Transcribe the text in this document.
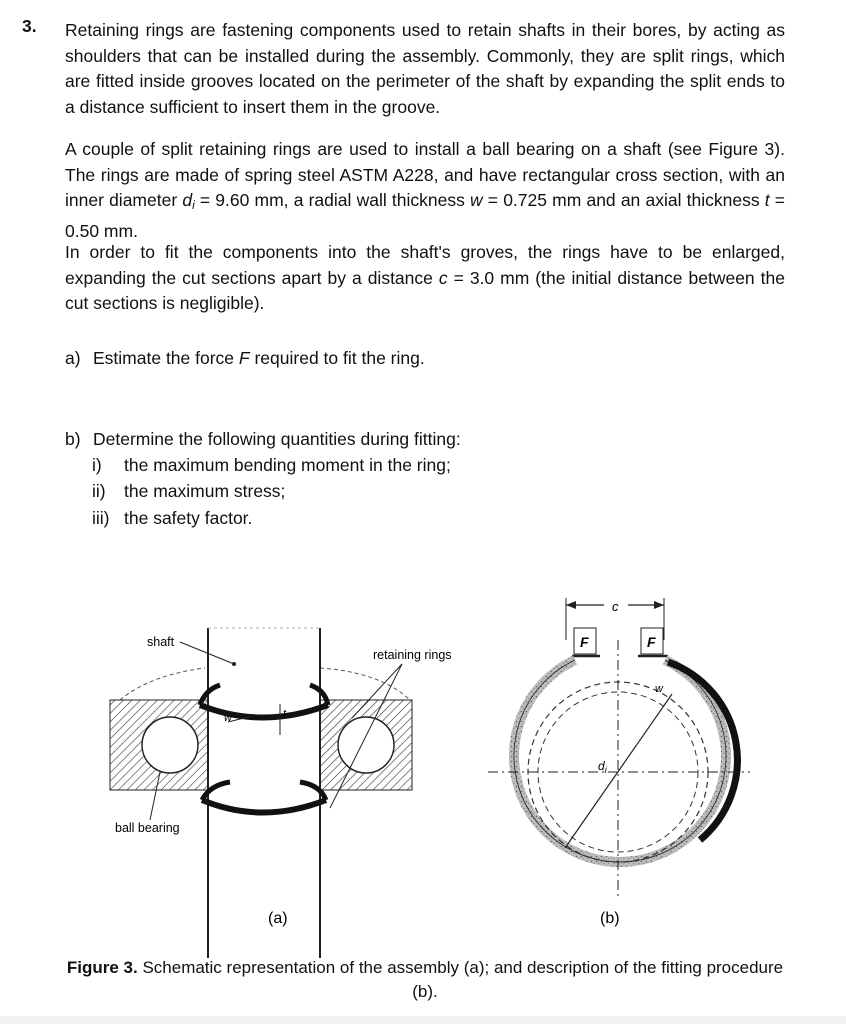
3. Retaining rings are fastening components used to retain shafts in their bores, by acting as shoulders that can be installed during the assembly. Commonly, they are split rings, which are fitted inside grooves located on the perimeter of the shaft by expanding the split ends to a distance sufficient to insert them in the groove.

A couple of split retaining rings are used to install a ball bearing on a shaft (see Figure 3). The rings are made of spring steel ASTM A228, and have rectangular cross section, with an inner diameter $d_i = 9.60$ mm, a radial wall thickness w = 0.725 mm and an axial thickness t = 0.50 mm.

In order to fit the components into the shaft's groves, the rings have to be enlarged, expanding the cut sections apart by a distance c = 3.0 mm (the initial distance between the cut sections is negligible).

a) Estimate the force F required to fit the ring.

b) Determine the following quantities during fitting:

i) the maximum bending moment in the ring;

ii) the maximum stress;

iii) the safety factor.

shaft
retaining rings
ball bearing
w	t
(a)
c
F	F
$d_i$
w
(b)

Figure 3. Schematic representation of the assembly (a); and description of the fitting procedure (b).
